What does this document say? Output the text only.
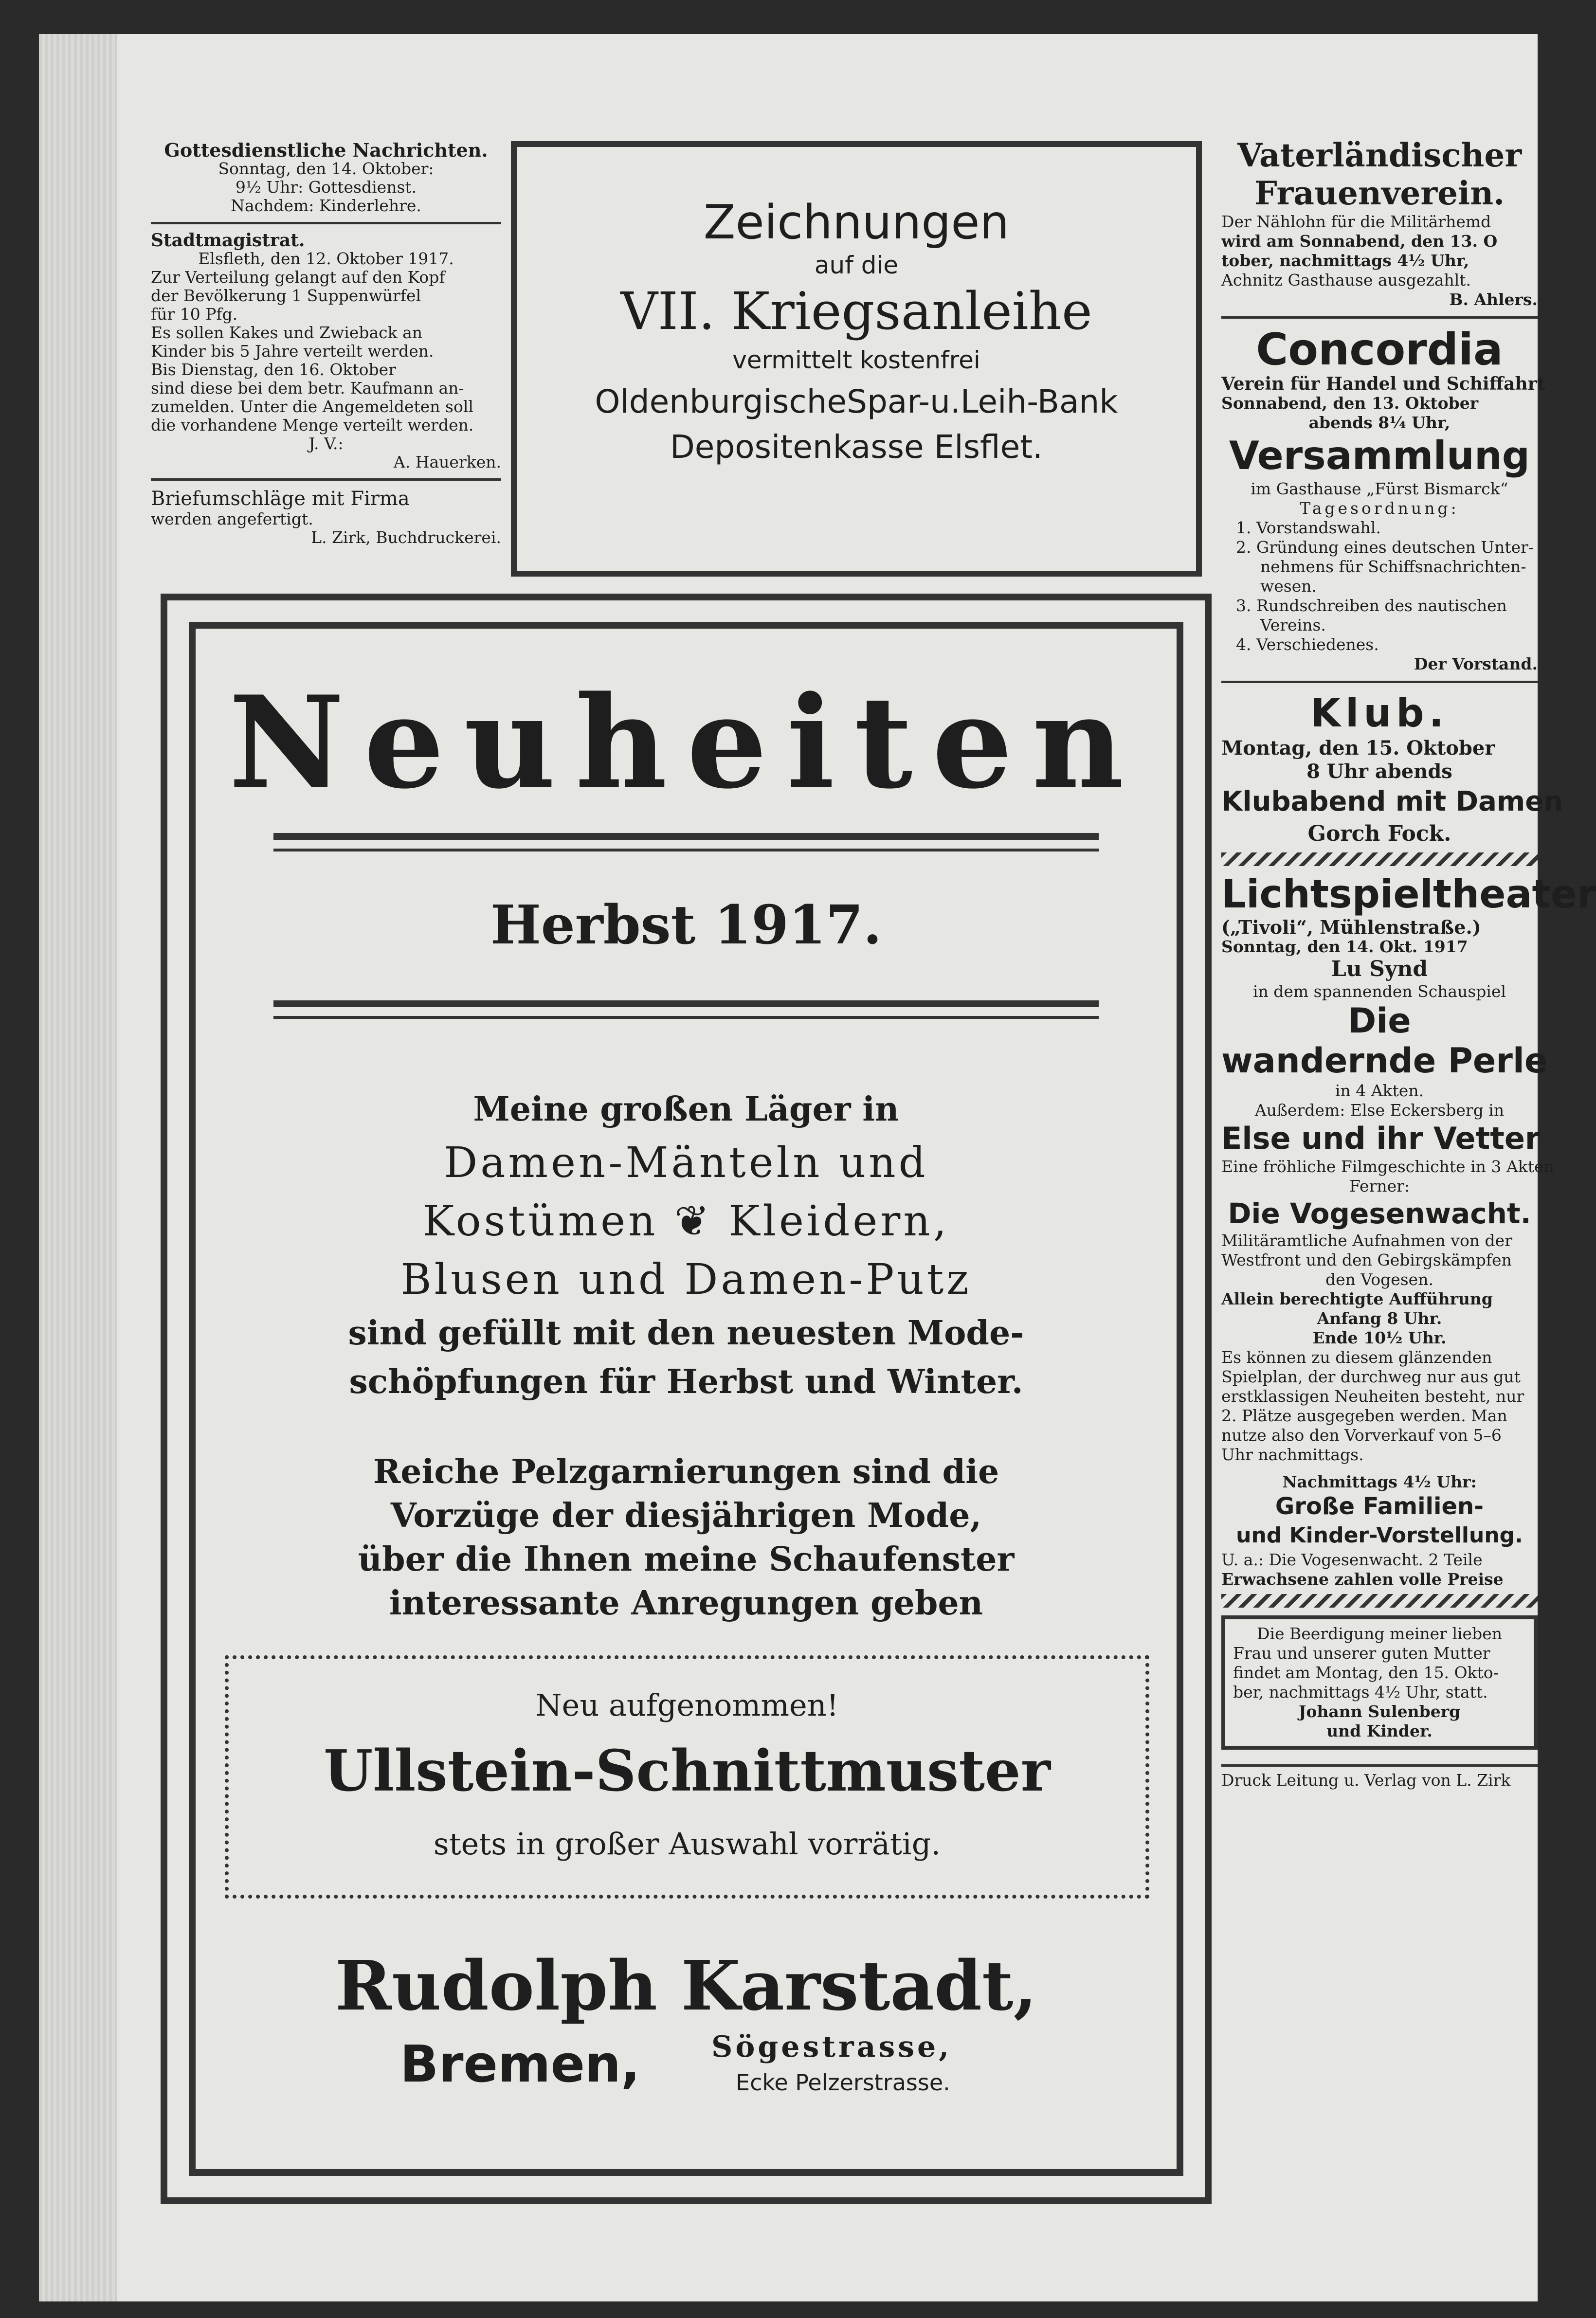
Gottesdienstliche Nachrichten.
Sonntag, den 14. Oktober:
9½ Uhr: Gottesdienst.
Nachdem: Kinderlehre.
Stadtmagistrat.
Elsfleth, den 12. Oktober 1917.
Zur Verteilung gelangt auf den Kopf
der Bevölkerung 1 Suppenwürfel
für 10 Pfg.
Es sollen Kakes und Zwieback an
Kinder bis 5 Jahre verteilt werden.
Bis Dienstag, den 16. Oktober
sind diese bei dem betr. Kaufmann an-
zumelden. Unter die Angemeldeten soll
die vorhandene Menge verteilt werden.
J. V.:
A. Hauerken.
Briefumschläge mit Firma
werden angefertigt.
L. Zirk, Buchdruckerei.
Zeichnungen
auf die
VII. Kriegsanleihe
vermittelt kostenfrei
OldenburgischeSpar-u.Leih-Bank
Depositenkasse Elsflet.
Neuheiten
Herbst 1917.
Meine großen Läger in
Damen-Mänteln und
Kostümen ❦ Kleidern,
Blusen und Damen-Putz
sind gefüllt mit den neuesten Mode-
schöpfungen für Herbst und Winter.
Reiche Pelzgarnierungen sind die
Vorzüge der diesjährigen Mode,
über die Ihnen meine Schaufenster
interessante Anregungen geben
Neu aufgenommen!
Ullstein-Schnittmuster
stets in großer Auswahl vorrätig.
Rudolph Karstadt,
Bremen, Sögestrasse,
Ecke Pelzerstrasse.
Vaterländischer
Frauenverein.
Der Nählohn für die Militärhemd
wird am Sonnabend, den 13. O
tober, nachmittags 4½ Uhr,
Achnitz Gasthause ausgezahlt.
B. Ahlers.
Concordia
Verein für Handel und Schiffahrt
Sonnabend, den 13. Oktober
abends 8¼ Uhr,
Versammlung
im Gasthause „Fürst Bismarck“
Tagesordnung:
1. Vorstandswahl.
2. Gründung eines deutschen Unter-
nehmens für Schiffsnachrichten-
wesen.
3. Rundschreiben des nautischen
Vereins.
4. Verschiedenes.
Der Vorstand.
Klub.
Montag, den 15. Oktober
8 Uhr abends
Klubabend mit Damen
Gorch Fock.
Lichtspieltheater
(„Tivoli“, Mühlenstraße.)
Sonntag, den 14. Okt. 1917
Lu Synd
in dem spannenden Schauspiel
Die
wandernde Perle
in 4 Akten.
Außerdem: Else Eckersberg in
Else und ihr Vetter
Eine fröhliche Filmgeschichte in 3 Akten
Ferner:
Die Vogesenwacht.
Militäramtliche Aufnahmen von der
Westfront und den Gebirgskämpfen
den Vogesen.
Allein berechtigte Aufführung
Anfang 8 Uhr.
Ende 10½ Uhr.
Es können zu diesem glänzenden
Spielplan, der durchweg nur aus gut
erstklassigen Neuheiten besteht, nur
2. Plätze ausgegeben werden. Man
nutze also den Vorverkauf von 5–6
Uhr nachmittags.
Nachmittags 4½ Uhr:
Große Familien-
und Kinder-Vorstellung.
U. a.: Die Vogesenwacht. 2 Teile
Erwachsene zahlen volle Preise
Die Beerdigung meiner lieben
Frau und unserer guten Mutter
findet am Montag, den 15. Okto-
ber, nachmittags 4½ Uhr, statt.
Johann Sulenberg
und Kinder.
Druck Leitung u. Verlag von L. Zirk
